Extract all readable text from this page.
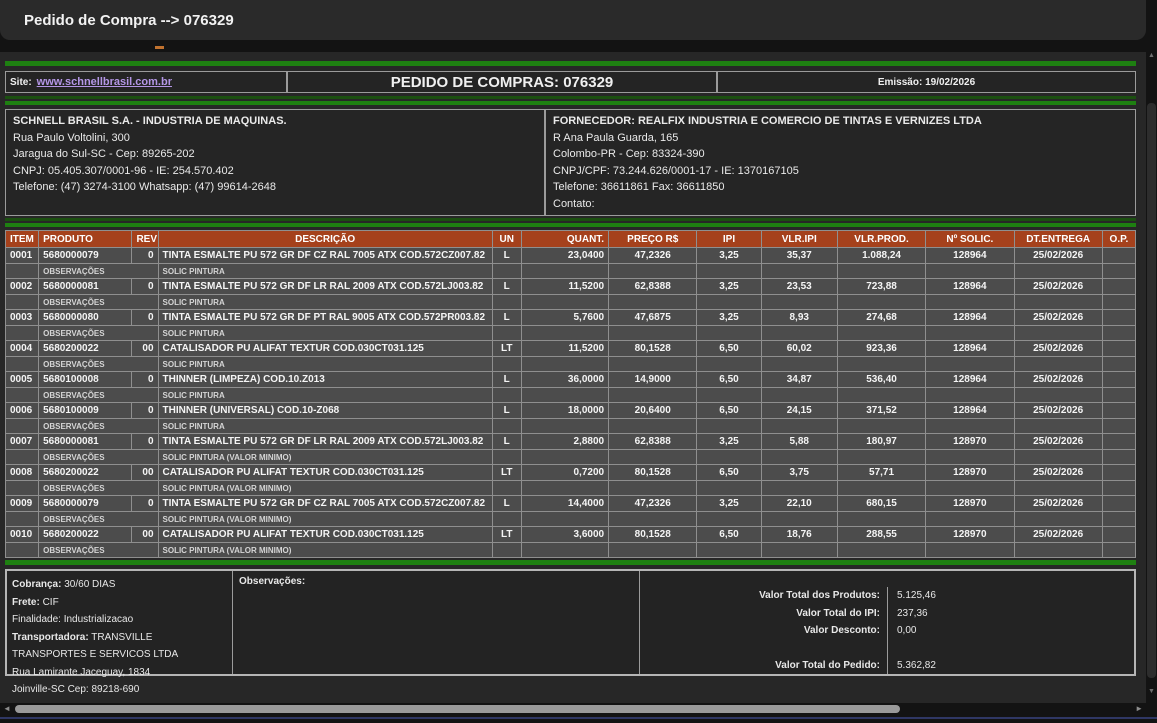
Pedido de Compra --> 076329
Site: www.schnellbrasil.com.br	PEDIDO DE COMPRAS: 076329	Emissão: 19/02/2026
SCHNELL BRASIL S.A. - INDUSTRIA DE MAQUINAS.
Rua Paulo Voltolini, 300
Jaragua do Sul-SC - Cep: 89265-202
CNPJ: 05.405.307/0001-96 - IE: 254.570.402
Telefone: (47) 3274-3100 Whatsapp: (47) 99614-2648
FORNECEDOR: REALFIX INDUSTRIA E COMERCIO DE TINTAS E VERNIZES LTDA
R Ana Paula Guarda, 165
Colombo-PR - Cep: 83324-390
CNPJ/CPF: 73.244.626/0001-17 - IE: 1370167105
Telefone: 36611861 Fax: 36611850
Contato:
ITEM	PRODUTO	REV	DESCRIÇÃO	UN	QUANT.	PREÇO R$	IPI	VLR.IPI	VLR.PROD.	Nº SOLIC.	DT.ENTREGA	O.P.
0001	5680000079	0	TINTA ESMALTE PU 572 GR DF CZ RAL 7005 ATX COD.572CZ007.82	L	23,0400	47,2326	3,25	35,37	1.088,24	128964	25/02/2026	
	OBSERVAÇÕES		SOLIC PINTURA									
0002	5680000081	0	TINTA ESMALTE PU 572 GR DF LR RAL 2009 ATX COD.572LJ003.82	L	11,5200	62,8388	3,25	23,53	723,88	128964	25/02/2026	
	OBSERVAÇÕES		SOLIC PINTURA									
0003	5680000080	0	TINTA ESMALTE PU 572 GR DF PT RAL 9005 ATX COD.572PR003.82	L	5,7600	47,6875	3,25	8,93	274,68	128964	25/02/2026	
	OBSERVAÇÕES		SOLIC PINTURA									
0004	5680200022	00	CATALISADOR PU ALIFAT TEXTUR COD.030CT031.125	LT	11,5200	80,1528	6,50	60,02	923,36	128964	25/02/2026	
	OBSERVAÇÕES		SOLIC PINTURA									
0005	5680100008	0	THINNER (LIMPEZA) COD.10.Z013	L	36,0000	14,9000	6,50	34,87	536,40	128964	25/02/2026	
	OBSERVAÇÕES		SOLIC PINTURA									
0006	5680100009	0	THINNER (UNIVERSAL) COD.10-Z068	L	18,0000	20,6400	6,50	24,15	371,52	128964	25/02/2026	
	OBSERVAÇÕES		SOLIC PINTURA									
0007	5680000081	0	TINTA ESMALTE PU 572 GR DF LR RAL 2009 ATX COD.572LJ003.82	L	2,8800	62,8388	3,25	5,88	180,97	128970	25/02/2026	
	OBSERVAÇÕES		SOLIC PINTURA (VALOR MINIMO)									
0008	5680200022	00	CATALISADOR PU ALIFAT TEXTUR COD.030CT031.125	LT	0,7200	80,1528	6,50	3,75	57,71	128970	25/02/2026	
	OBSERVAÇÕES		SOLIC PINTURA (VALOR MINIMO)									
0009	5680000079	0	TINTA ESMALTE PU 572 GR DF CZ RAL 7005 ATX COD.572CZ007.82	L	14,4000	47,2326	3,25	22,10	680,15	128970	25/02/2026	
	OBSERVAÇÕES		SOLIC PINTURA (VALOR MINIMO)									
0010	5680200022	00	CATALISADOR PU ALIFAT TEXTUR COD.030CT031.125	LT	3,6000	80,1528	6,50	18,76	288,55	128970	25/02/2026	
	OBSERVAÇÕES		SOLIC PINTURA (VALOR MINIMO)									
Cobrança: 30/60 DIAS
Frete: CIF
Finalidade: Industrializacao
Transportadora: TRANSVILLE TRANSPORTES E SERVICOS LTDA
Rua Lamirante Jaceguay, 1834
Joinville-SC Cep: 89218-690
Observações:
Valor Total dos Produtos:	5.125,46
Valor Total do IPI:	237,36
Valor Desconto:	0,00
Valor Total do Pedido:	5.362,82
◄	►
▲
▼
